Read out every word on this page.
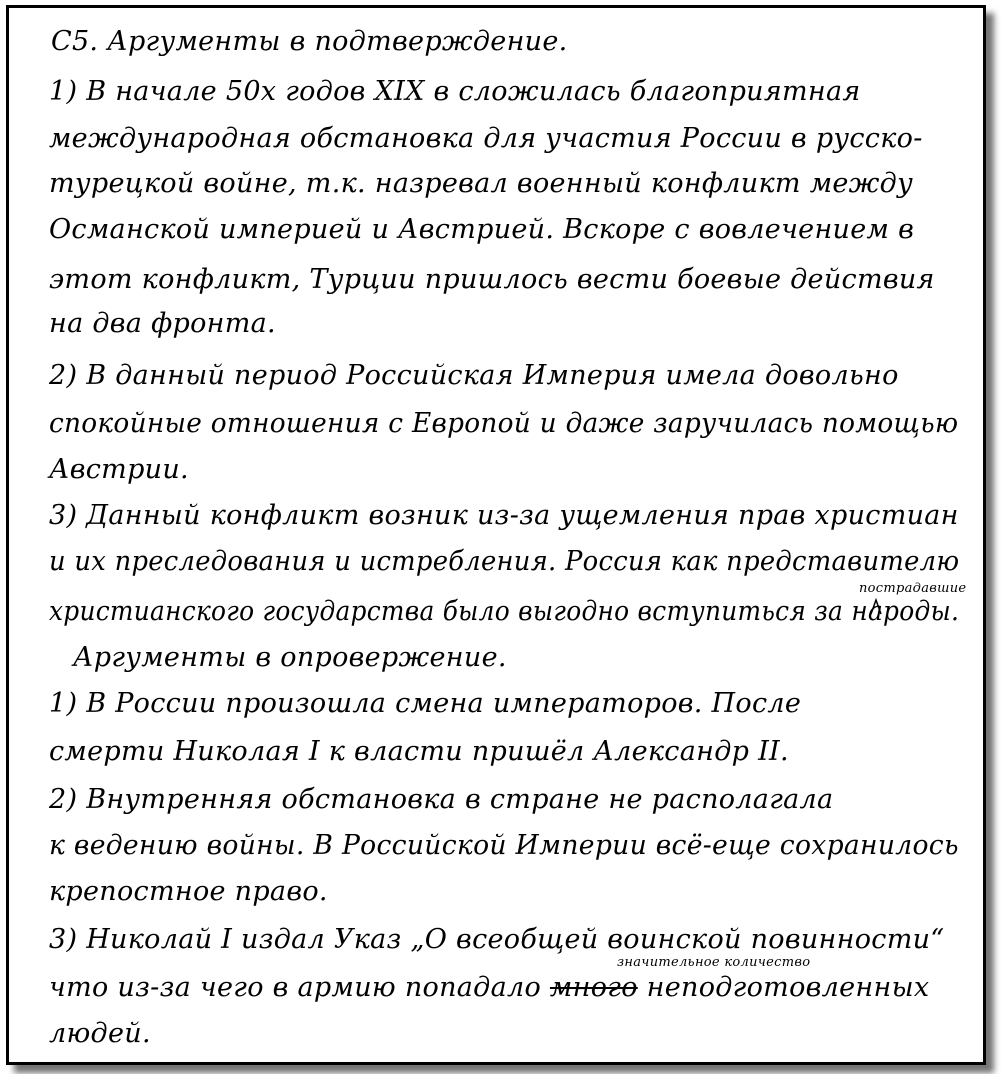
C5. Аргументы в подтверждение.
1) В начале 50х годов XIX в сложилась благоприятная
международная обстановка для участия России в русско-
турецкой войне, т.к. назревал военный конфликт между
Османской империей и Австрией. Вскоре с вовлечением в
этот конфликт, Турции пришлось вести боевые действия
на два фронта.
2) В данный период Российская Империя имела довольно
спокойные отношения с Европой и даже заручилась помощью
Австрии.
3) Данный конфликт возник из-за ущемления прав христиан
и их преследования и истребления. Россия как представителю
пострадавшие
христианского государства было выгодно вступиться за народы.
Аргументы в опровержение.
1) В России произошла смена императоров. После
смерти Николая I к власти пришёл Александр II.
2) Внутренняя обстановка в стране не располагала
к ведению войны. В Российской Империи всё-еще сохранилось
крепостное право.
3) Николай I издал Указ „О всеобщей воинской повинности“
значительное количество
что из-за чего в армию попадало много неподготовленных
людей.
